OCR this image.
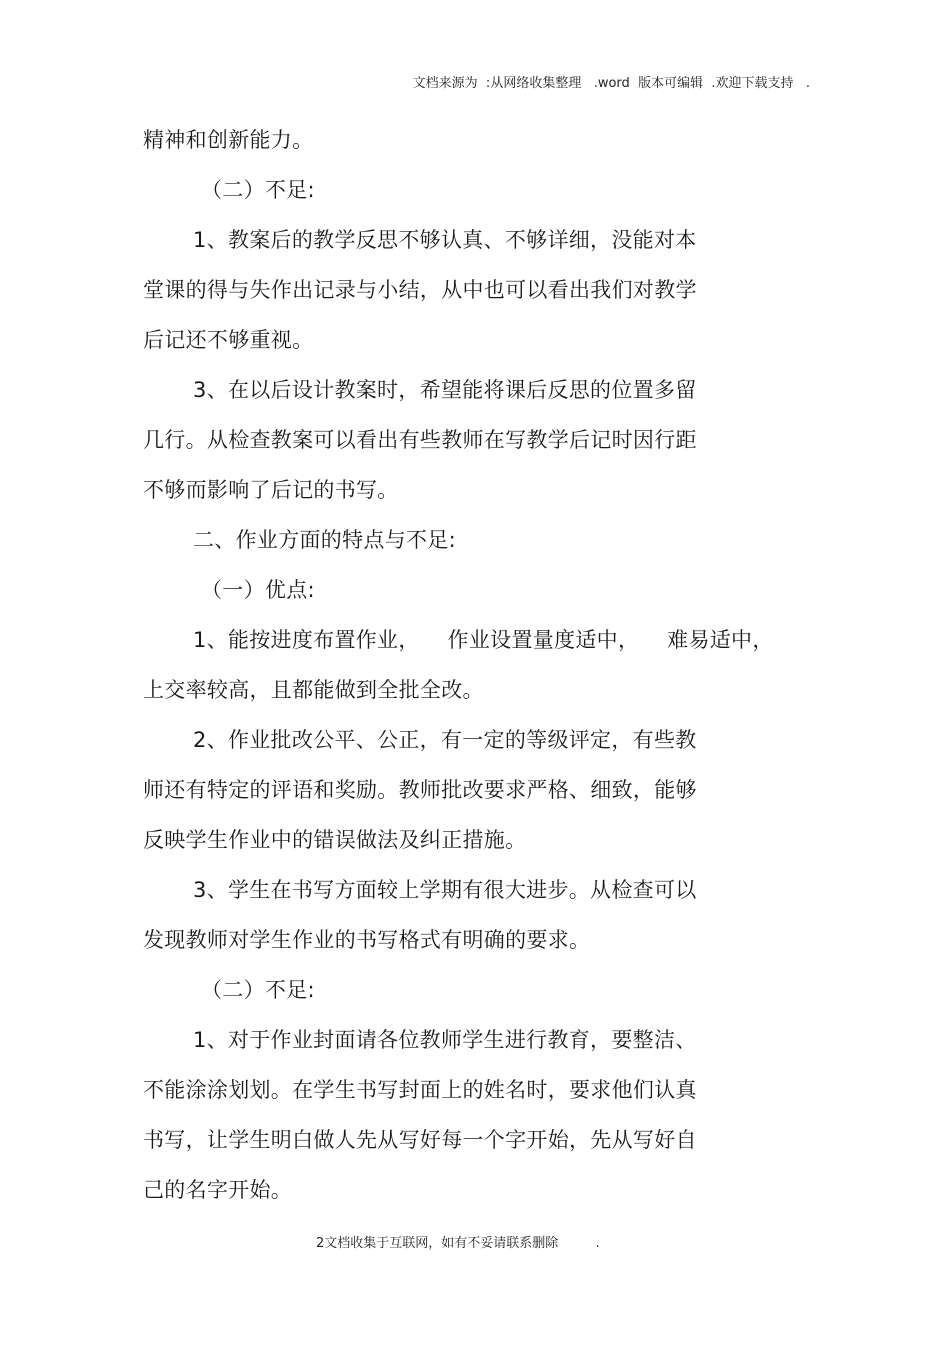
文档来源为  :从网络收集整理   .word  版本可编辑  .欢迎下载支持   .
精神和创新能力。
（二）不足:
1、教案后的教学反思不够认真、不够详细，没能对本
堂课的得与失作出记录与小结，从中也可以看出我们对教学
后记还不够重视。
3、在以后设计教案时，希望能将课后反思的位置多留
几行。从检查教案可以看出有些教师在写教学后记时因行距
不够而影响了后记的书写。
二、作业方面的特点与不足:
（一）优点:
1、能按进度布置作业，    作业设置量度适中，    难易适中，
上交率较高，且都能做到全批全改。
2、作业批改公平、公正，有一定的等级评定，有些教
师还有特定的评语和奖励。教师批改要求严格、细致，能够
反映学生作业中的错误做法及纠正措施。
3、学生在书写方面较上学期有很大进步。从检查可以
发现教师对学生作业的书写格式有明确的要求。
（二）不足:
1、对于作业封面请各位教师学生进行教育，要整洁、
不能涂涂划划。在学生书写封面上的姓名时，要求他们认真
书写，让学生明白做人先从写好每一个字开始，先从写好自
己的名字开始。
2文档收集于互联网，如有不妥请联系删除         .
